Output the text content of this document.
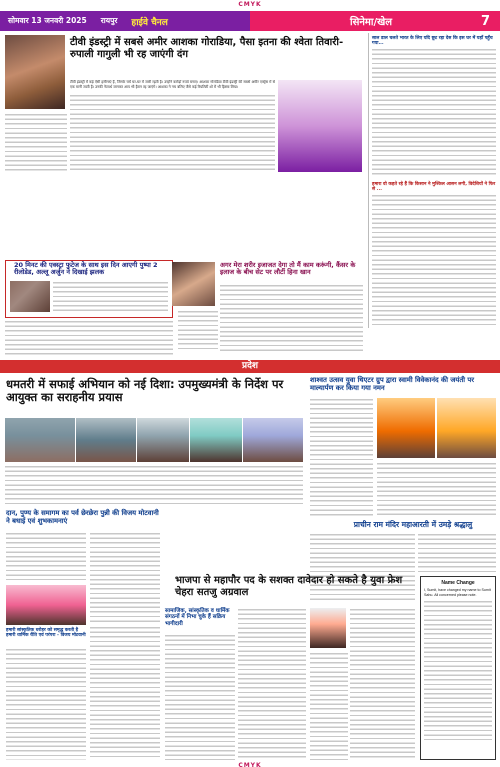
CMYK
सोमवार 13 जनवरी 2025 रायपुर हाईवे चैनल	सिनेमा/खेल	7
टीवी इंडस्ट्री में सबसे अमीर आशका गोराडिया, पैसा इतना की श्वेता तिवारी-रुपाली गागुली भी रह जाएंगी दंग
टीवी इंडस्ट्री में कई ऐसी हसीनाएं हैं, जिनके चर्चे घर-घर में जारी रहती है। उन्होंने करोड़ों रुपये बनाए। आशका गोराडिया टीवी इंडस्ट्री की सबसे अमीर एक्ट्रेस में से एक मानी जाती हैं। उनकी नेटवर्थ जानकर आप भी हैरान रह जाएंगे। आशका ने नच बलिए जैसे कई रियलिटी शो में भी हिस्सा लिया।
साल डाल चलते भारत के लिए यदि छूट रहा देस कि इस घर में यहाँ पहुँच गया...
हमारा वो कहते रहे हैं कि किसान ने मुश्किल आसन लगी, विदेशियों ने फिर से ...
20 मिनट की एक्स्ट्रा फुटेज के साथ इस दिन आएगी पुष्पा 2 रीलोडेड, अल्लू अर्जुन ने दिखाई झलक
अगर मेरा शरीर इजाजत देगा तो मैं काम करूंगी, कैंसर के इलाज के बीच सेट पर लौटीं हिना खान
प्रदेश
धमतरी में सफाई अभियान को नई दिशा: उपमुख्यमंत्री के निर्देश पर आयुक्त का सराहनीय प्रयास
शाश्वत उत्सव युवा थिएटर ग्रुप द्वारा स्वामी विवेकानंद की जयंती पर माल्यार्पण कर किया गया नमन
प्राचीन राम मंदिर महाआरती में उमड़े श्रद्धालु
दान, पुण्य के समागम का पर्व छेरछेरा पुन्नी की विजय मोटवानी ने बधाई एवं शुभकामनाएं
हमारी सांस्कृतिक धरोहर को समृद्ध करती है हमारी धार्मिक रीति एवं परंपरा - विजय मोटवानी
भाजपा से महापौर पद के सशक्त दावेदार हो सकते है युवा फ्रेश चेहरा सतजु अग्रवाल
सामाजिक, सांस्कृतिक व धार्मिक संगठनों में निभा चुके हैं सक्रिय भागीदारी
Name Change
I, Sumit, have changed my name to Sumit Sahu. All concerned please note.
CMYK
